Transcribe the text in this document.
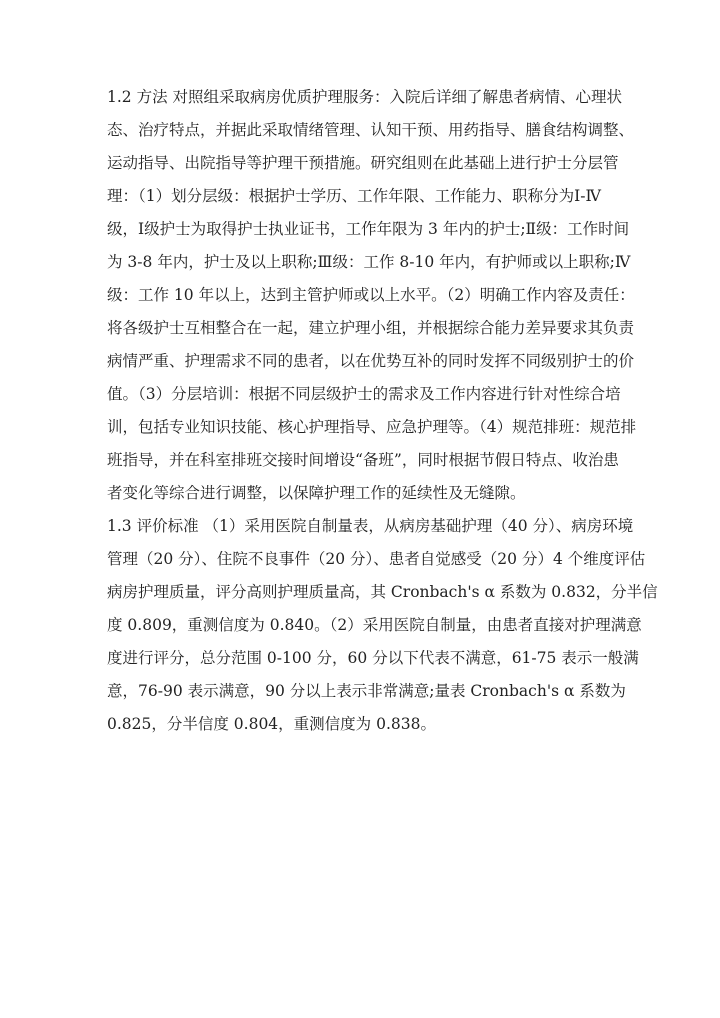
1.2 方法 对照组采取病房优质护理服务：入院后详细了解患者病情、心理状
态、治疗特点，并据此采取情绪管理、认知干预、用药指导、膳食结构调整、
运动指导、出院指导等护理干预措施。研究组则在此基础上进行护士分层管
理：（1）划分层级：根据护士学历、工作年限、工作能力、职称分为Ⅰ-Ⅳ
级，Ⅰ级护士为取得护士执业证书，工作年限为 3 年内的护士;Ⅱ级：工作时间
为 3-8 年内，护士及以上职称;Ⅲ级：工作 8-10 年内，有护师或以上职称;Ⅳ
级：工作 10 年以上，达到主管护师或以上水平。（2）明确工作内容及责任：
将各级护士互相整合在一起，建立护理小组，并根据综合能力差异要求其负责
病情严重、护理需求不同的患者，以在优势互补的同时发挥不同级别护士的价
值。（3）分层培训：根据不同层级护士的需求及工作内容进行针对性综合培
训，包括专业知识技能、核心护理指导、应急护理等。（4）规范排班：规范排
班指导，并在科室排班交接时间增设“备班”，同时根据节假日特点、收治患
者变化等综合进行调整，以保障护理工作的延续性及无缝隙。
1.3 评价标准 （1）采用医院自制量表，从病房基础护理（40 分）、病房环境
管理（20 分）、住院不良事件（20 分）、患者自觉感受（20 分）4 个维度评估
病房护理质量，评分高则护理质量高，其 Cronbach's α 系数为 0.832，分半信
度 0.809，重测信度为 0.840。（2）采用医院自制量，由患者直接对护理满意
度进行评分，总分范围 0-100 分，60 分以下代表不满意，61-75 表示一般满
意，76-90 表示满意，90 分以上表示非常满意;量表 Cronbach's α 系数为
0.825，分半信度 0.804，重测信度为 0.838。
